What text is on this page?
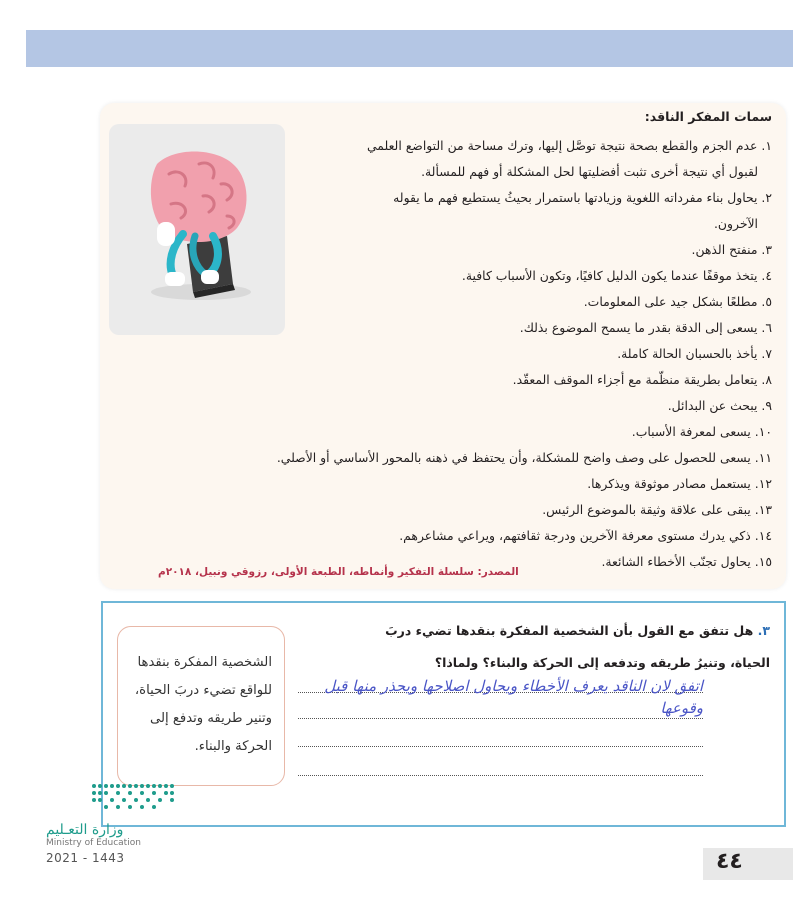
سمات المفكر الناقد:
١. عدم الجزم والقطع بصحة نتيجة توصَّل إليها، وترك مساحة من التواضع العلمي
لقبول أي نتيجة أخرى تثبت أفضليتها لحل المشكلة أو فهم للمسألة.
٢. يحاول بناء مفرداته اللغوية وزيادتها باستمرار بحيثُ يستطيع فهم ما يقوله
الآخرون.
٣. منفتح الذهن.
٤. يتخذ موقفًا عندما يكون الدليل كافيًا، وتكون الأسباب كافية.
٥. مطلعًا بشكل جيد على المعلومات.
٦. يسعى إلى الدقة بقدر ما يسمح الموضوع بذلك.
٧. يأخذ بالحسبان الحالة كاملة.
٨. يتعامل بطريقة منظّمة مع أجزاء الموقف المعقّد.
٩. يبحث عن البدائل.
١٠. يسعى لمعرفة الأسباب.
١١. يسعى للحصول على وصف واضح للمشكلة، وأن يحتفظ في ذهنه بالمحور الأساسي أو الأصلي.
١٢. يستعمل مصادر موثوقة ويذكرها.
١٣. يبقى على علاقة وثيقة بالموضوع الرئيس.
١٤. ذكي يدرك مستوى معرفة الآخرين ودرجة ثقافتهم، ويراعي مشاعرهم.
١٥. يحاول تجنّب الأخطاء الشائعة.
المصدر: سلسلة التفكير وأنماطه، الطبعة الأولى، رزوقي ونبيل، ٢٠١٨م
٣. هل تتفق مع القول بأن الشخصية المفكرة بنقدها تضيء دربَ الحياة، وتنيرُ طريقه وتدفعه إلى الحركة والبناء؟ ولماذا؟
اتفق لان الناقد يعرف الأخطاء ويحاول اصلاحها ويحذر منها قبل وقوعها

الشخصية المفكرة بنقدها للواقع تضيء دربَ الحياة، وتنير طريقه وتدفع إلى الحركة والبناء.

وزارة التعـليم
Ministry of Education
2021 - 1443	٤٤
